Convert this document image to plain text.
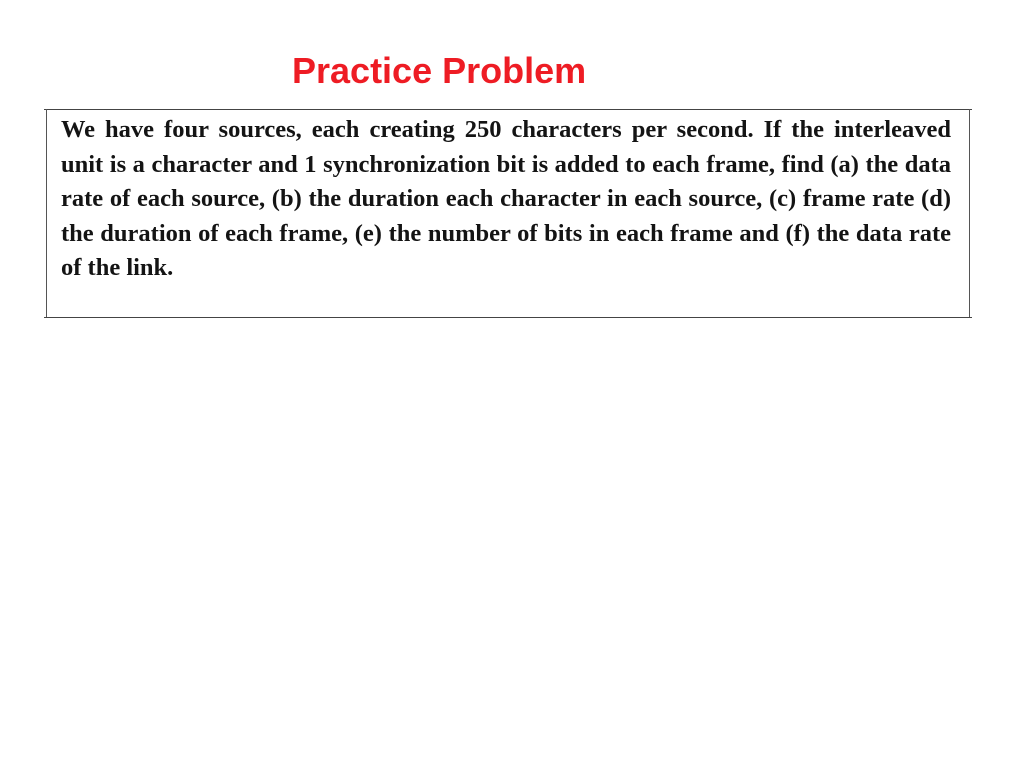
Practice Problem

We have four sources, each creating 250 characters per second. If the interleaved unit is a character and 1 synchronization bit is added to each frame, find (a) the data rate of each source, (b) the duration each character in each source, (c) frame rate (d) the duration of each frame, (e) the number of bits in each frame and (f) the data rate of the link.
